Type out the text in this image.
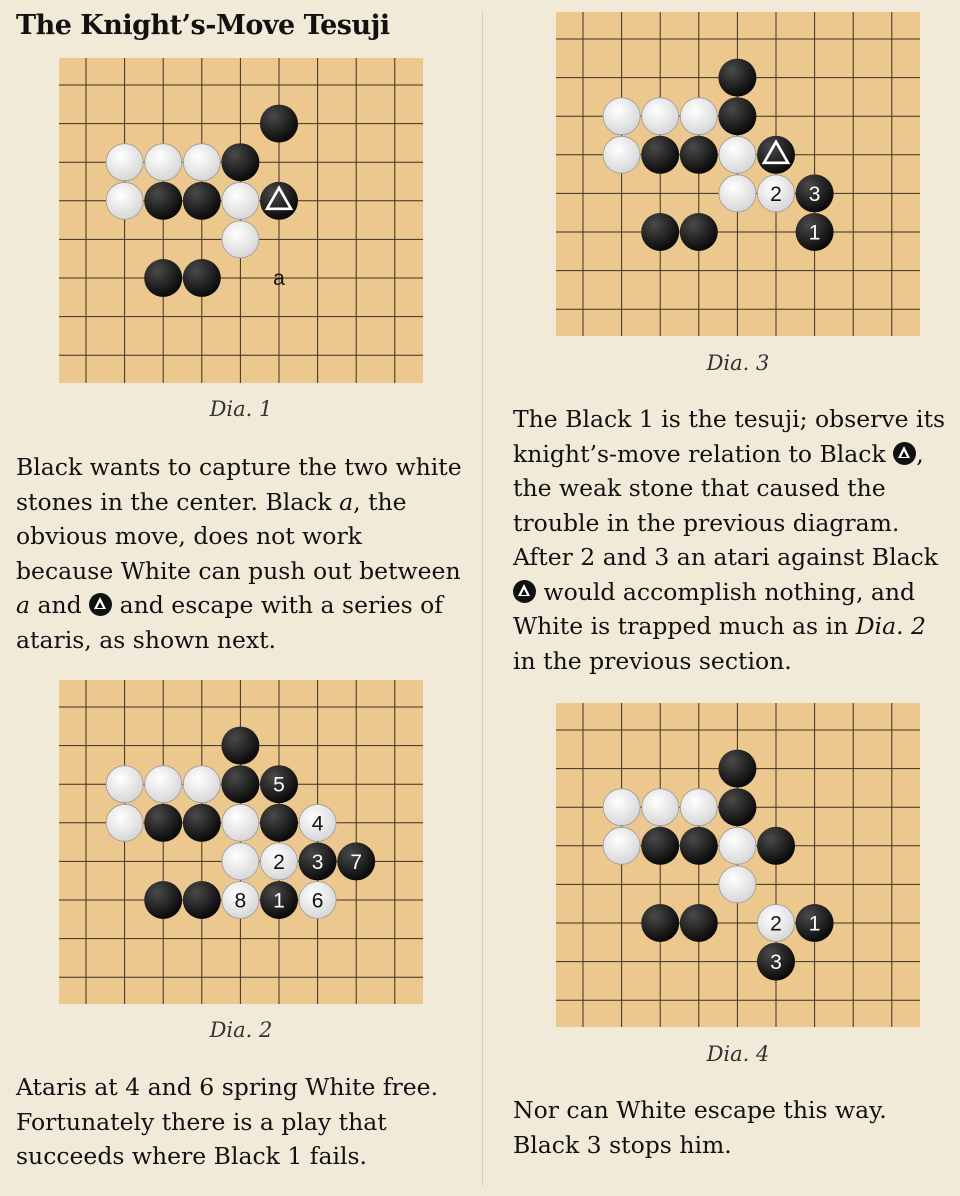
The Knight’s-Move Tesuji
a
Dia. 1

Black wants to capture the two white stones in the center. Black a, the obvious move, does not work because White can push out between a and  and escape with a series of ataris, as shown next.

5
4
2 3 7
8 1 6
Dia. 2

Ataris at 4 and 6 spring White free. Fortunately there is a play that succeeds where Black 1 fails.

2 3
1
Dia. 3

The Black 1 is the tesuji; observe its knight’s-move relation to Black , the weak stone that caused the trouble in the previous diagram. After 2 and 3 an atari against Black  would accomplish nothing, and White is trapped much as in Dia. 2 in the previous section.

2 1
3
Dia. 4

Nor can White escape this way. Black 3 stops him.
